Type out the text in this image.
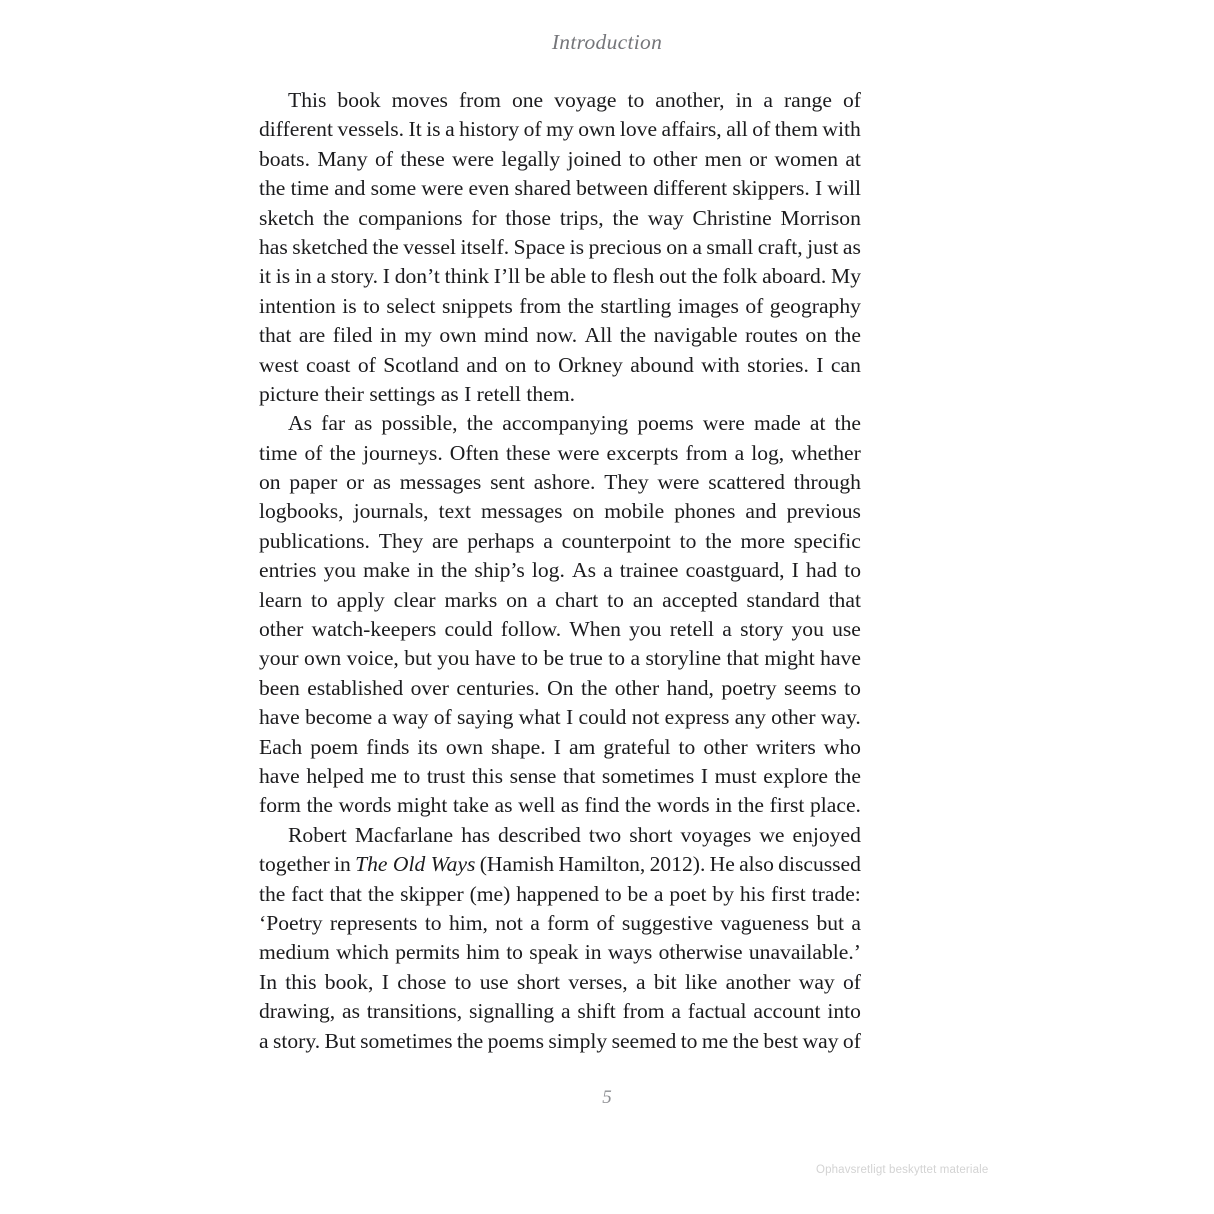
Introduction
This book moves from one voyage to another, in a range of
different vessels. It is a history of my own love affairs, all of them with
boats. Many of these were legally joined to other men or women at
the time and some were even shared between different skippers. I will
sketch the companions for those trips, the way Christine Morrison
has sketched the vessel itself. Space is precious on a small craft, just as
it is in a story. I don’t think I’ll be able to flesh out the folk aboard. My
intention is to select snippets from the startling images of geography
that are filed in my own mind now. All the navigable routes on the
west coast of Scotland and on to Orkney abound with stories. I can
picture their settings as I retell them.
As far as possible, the accompanying poems were made at the
time of the journeys. Often these were excerpts from a log, whether
on paper or as messages sent ashore. They were scattered through
logbooks, journals, text messages on mobile phones and previous
publications. They are perhaps a counterpoint to the more specific
entries you make in the ship’s log. As a trainee coastguard, I had to
learn to apply clear marks on a chart to an accepted standard that
other watch-keepers could follow. When you retell a story you use
your own voice, but you have to be true to a storyline that might have
been established over centuries. On the other hand, poetry seems to
have become a way of saying what I could not express any other way.
Each poem finds its own shape. I am grateful to other writers who
have helped me to trust this sense that sometimes I must explore the
form the words might take as well as find the words in the first place.
Robert Macfarlane has described two short voyages we enjoyed
together in The Old Ways (Hamish Hamilton, 2012). He also discussed
the fact that the skipper (me) happened to be a poet by his first trade:
‘Poetry represents to him, not a form of suggestive vagueness but a
medium which permits him to speak in ways otherwise unavailable.’
In this book, I chose to use short verses, a bit like another way of
drawing, as transitions, signalling a shift from a factual account into
a story. But sometimes the poems simply seemed to me the best way of
5
Ophavsretligt beskyttet materiale
